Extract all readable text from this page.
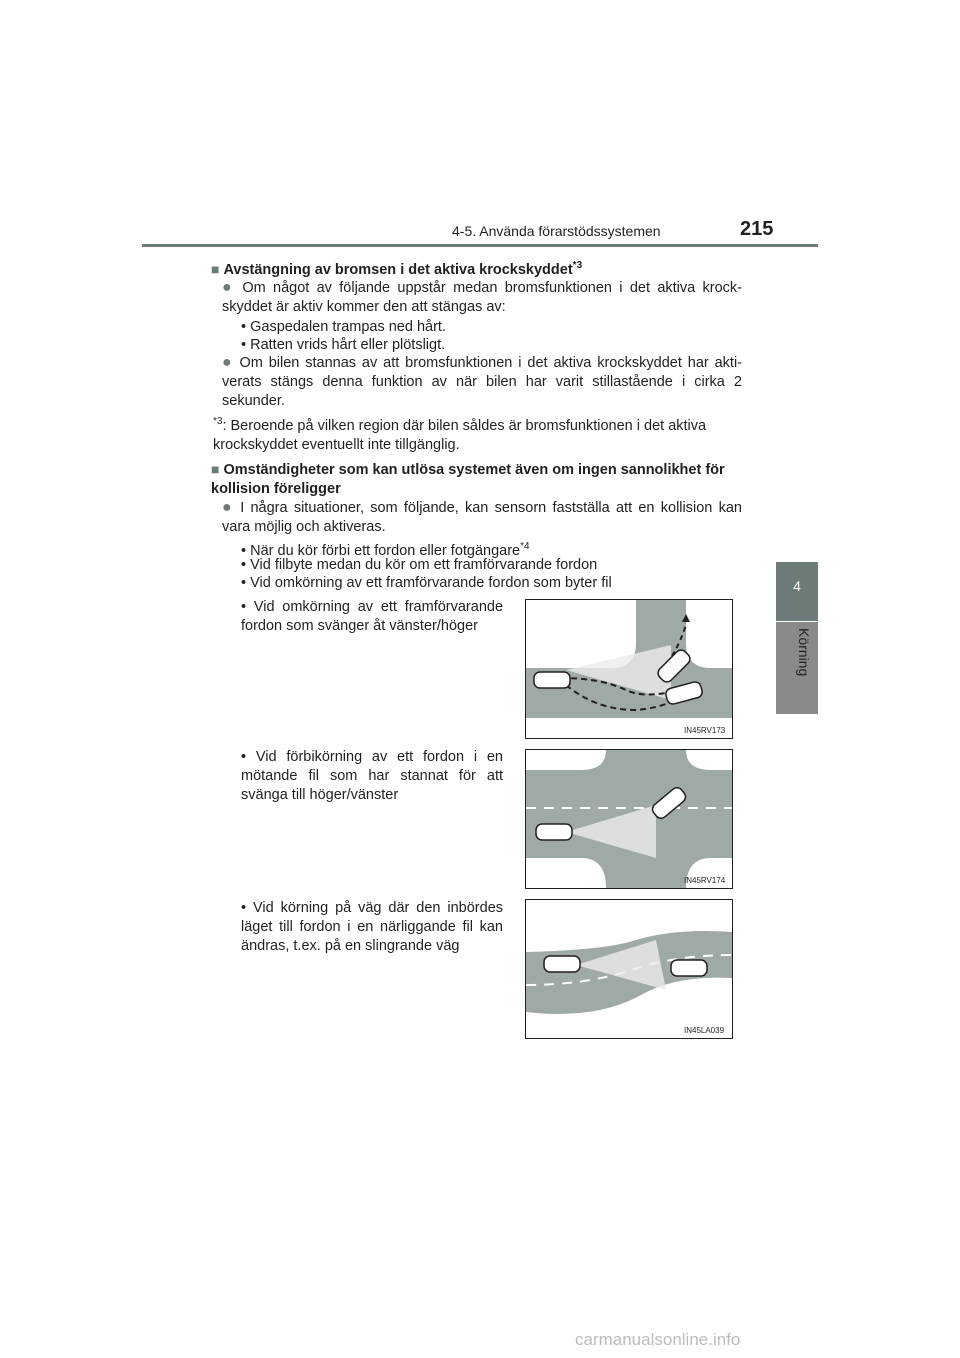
4-5. Använda förarstödssystemen	215
4
Körning
■ Avstängning av bromsen i det aktiva krockskyddet$^{*3}$
● Om något av följande uppstår medan bromsfunktionen i det aktiva krock-skyddet är aktiv kommer den att stängas av:
• Gaspedalen trampas ned hårt.
• Ratten vrids hårt eller plötsligt.
● Om bilen stannas av att bromsfunktionen i det aktiva krockskyddet har akti-verats stängs denna funktion av när bilen har varit stillastående i cirka 2 sekunder.
$^{*3}$: Beroende på vilken region där bilen såldes är bromsfunktionen i det aktiva krockskyddet eventuellt inte tillgänglig.
■ Omständigheter som kan utlösa systemet även om ingen sannolikhet för kollision föreligger
● I några situationer, som följande, kan sensorn fastställa att en kollision kan vara möjlig och aktiveras.
• När du kör förbi ett fordon eller fotgängare$^{*4}$
• Vid filbyte medan du kör om ett framförvarande fordon
• Vid omkörning av ett framförvarande fordon som byter fil
• Vid omkörning av ett framförvarande fordon som svänger åt vänster/höger
• Vid förbikörning av ett fordon i en mötande fil som har stannat för att svänga till höger/vänster
• Vid körning på väg där den inbördes läget till fordon i en närliggande fil kan ändras, t.ex. på en slingrande väg
IN45RV173
IN45RV174
IN45LA039
carmanualsonline.info
